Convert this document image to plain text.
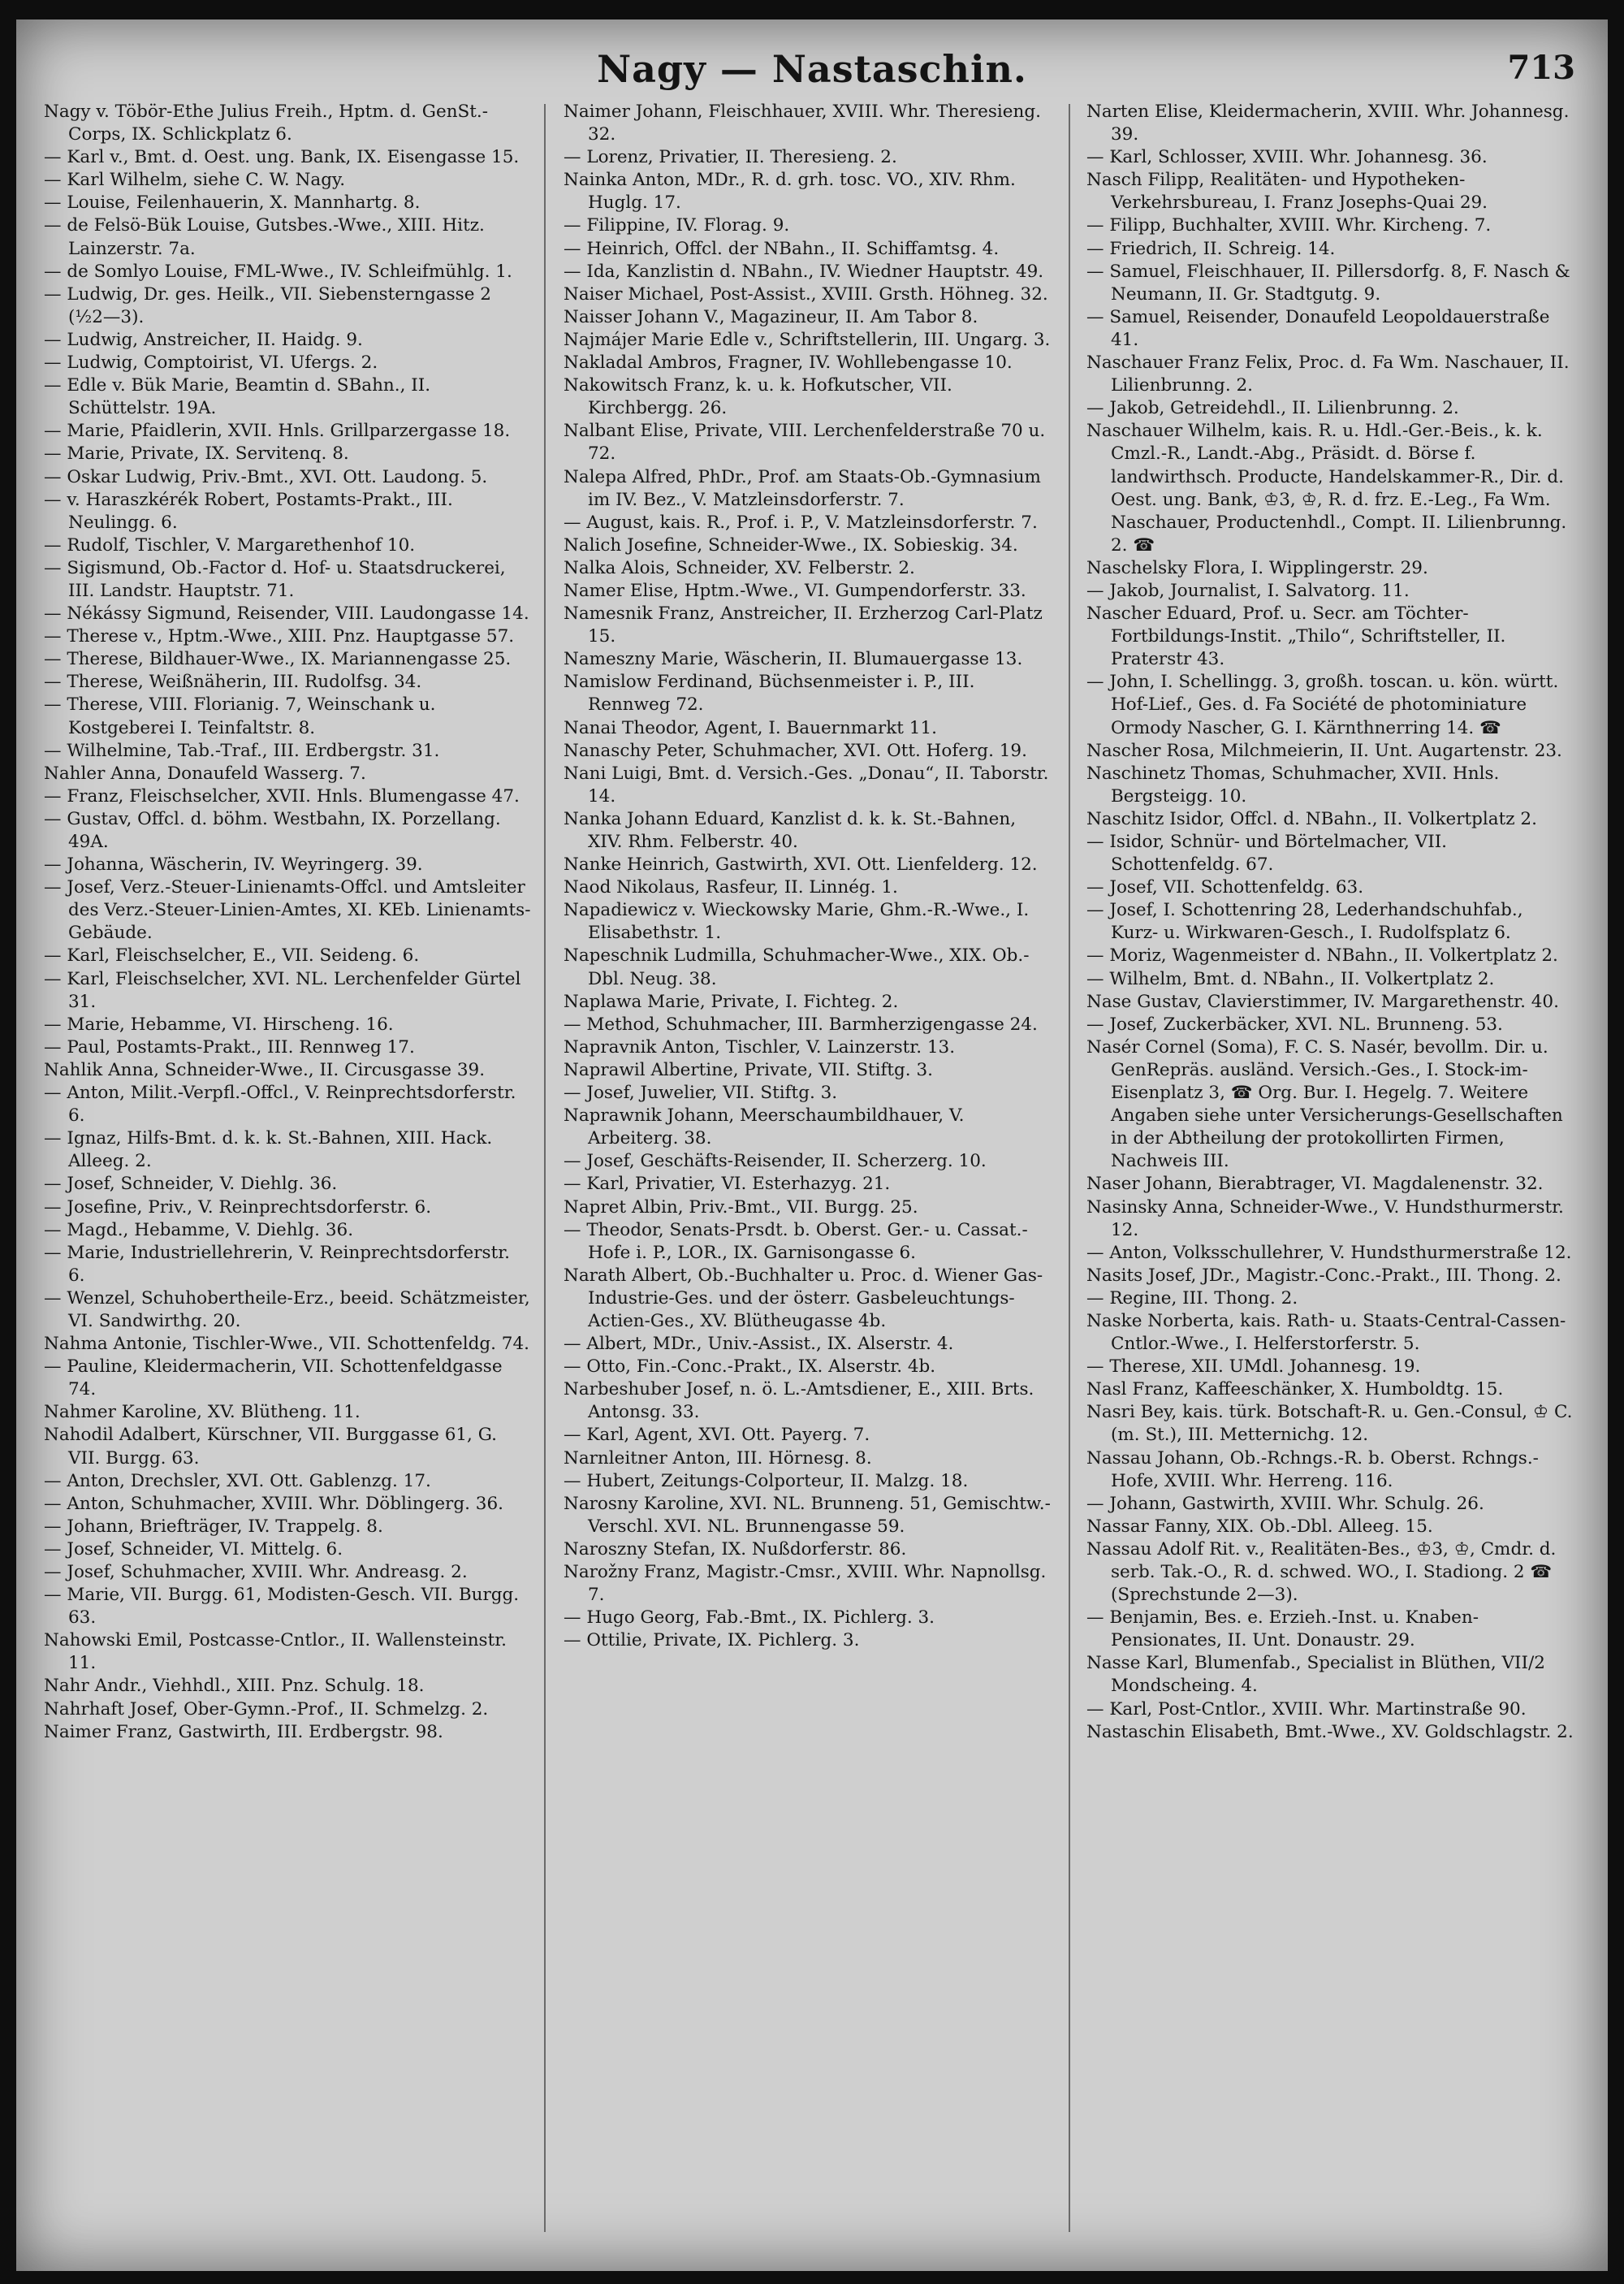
Nagy — Nastaschin.	713

Nagy v. Töbör-Ethe Julius Freih., Hptm. d. GenSt.-Corps, IX. Schlickplatz 6.

— Karl v., Bmt. d. Oest. ung. Bank, IX. Eisengasse 15.

— Karl Wilhelm, siehe C. W. Nagy.

— Louise, Feilenhauerin, X. Mannhartg. 8.

— de Felsö-Bük Louise, Gutsbes.-Wwe., XIII. Hitz. Lainzerstr. 7a.

— de Somlyo Louise, FML-Wwe., IV. Schleifmühlg. 1.

— Ludwig, Dr. ges. Heilk., VII. Siebensterngasse 2 (½2—3).

— Ludwig, Anstreicher, II. Haidg. 9.

— Ludwig, Comptoirist, VI. Ufergs. 2.

— Edle v. Bük Marie, Beamtin d. SBahn., II. Schüttelstr. 19A.

— Marie, Pfaidlerin, XVII. Hnls. Grillparzergasse 18.

— Marie, Private, IX. Servitenq. 8.

— Oskar Ludwig, Priv.-Bmt., XVI. Ott. Laudong. 5.

— v. Haraszkérék Robert, Postamts-Prakt., III. Neulingg. 6.

— Rudolf, Tischler, V. Margarethenhof 10.

— Sigismund, Ob.-Factor d. Hof- u. Staatsdruckerei, III. Landstr. Hauptstr. 71.

— Nékássy Sigmund, Reisender, VIII. Laudongasse 14.

— Therese v., Hptm.-Wwe., XIII. Pnz. Hauptgasse 57.

— Therese, Bildhauer-Wwe., IX. Mariannengasse 25.

— Therese, Weißnäherin, III. Rudolfsg. 34.

— Therese, VIII. Florianig. 7, Weinschank u. Kostgeberei I. Teinfaltstr. 8.

— Wilhelmine, Tab.-Traf., III. Erdbergstr. 31.

Nahler Anna, Donaufeld Wasserg. 7.

— Franz, Fleischselcher, XVII. Hnls. Blumengasse 47.

— Gustav, Offcl. d. böhm. Westbahn, IX. Porzellang. 49A.

— Johanna, Wäscherin, IV. Weyringerg. 39.

— Josef, Verz.-Steuer-Linienamts-Offcl. und Amtsleiter des Verz.-Steuer-Linien-Amtes, XI. KEb. Linienamts-Gebäude.

— Karl, Fleischselcher, E., VII. Seideng. 6.

— Karl, Fleischselcher, XVI. NL. Lerchenfelder Gürtel 31.

— Marie, Hebamme, VI. Hirscheng. 16.

— Paul, Postamts-Prakt., III. Rennweg 17.

Nahlik Anna, Schneider-Wwe., II. Circusgasse 39.

— Anton, Milit.-Verpfl.-Offcl., V. Reinprechtsdorferstr. 6.

— Ignaz, Hilfs-Bmt. d. k. k. St.-Bahnen, XIII. Hack. Alleeg. 2.

— Josef, Schneider, V. Diehlg. 36.

— Josefine, Priv., V. Reinprechtsdorferstr. 6.

— Magd., Hebamme, V. Diehlg. 36.

— Marie, Industriellehrerin, V. Reinprechtsdorferstr. 6.

— Wenzel, Schuhobertheile-Erz., beeid. Schätzmeister, VI. Sandwirthg. 20.

Nahma Antonie, Tischler-Wwe., VII. Schottenfeldg. 74.

— Pauline, Kleidermacherin, VII. Schottenfeldgasse 74.

Nahmer Karoline, XV. Blütheng. 11.

Nahodil Adalbert, Kürschner, VII. Burggasse 61, G. VII. Burgg. 63.

— Anton, Drechsler, XVI. Ott. Gablenzg. 17.

— Anton, Schuhmacher, XVIII. Whr. Döblingerg. 36.

— Johann, Briefträger, IV. Trappelg. 8.

— Josef, Schneider, VI. Mittelg. 6.

— Josef, Schuhmacher, XVIII. Whr. Andreasg. 2.

— Marie, VII. Burgg. 61, Modisten-Gesch. VII. Burgg. 63.

Nahowski Emil, Postcasse-Cntlor., II. Wallensteinstr. 11.

Nahr Andr., Viehhdl., XIII. Pnz. Schulg. 18.

Nahrhaft Josef, Ober-Gymn.-Prof., II. Schmelzg. 2.

Naimer Franz, Gastwirth, III. Erdbergstr. 98.

Naimer Johann, Fleischhauer, XVIII. Whr. Theresieng. 32.

— Lorenz, Privatier, II. Theresieng. 2.

Nainka Anton, MDr., R. d. grh. tosc. VO., XIV. Rhm. Huglg. 17.

— Filippine, IV. Florag. 9.

— Heinrich, Offcl. der NBahn., II. Schiffamtsg. 4.

— Ida, Kanzlistin d. NBahn., IV. Wiedner Hauptstr. 49.

Naiser Michael, Post-Assist., XVIII. Grsth. Höhneg. 32.

Naisser Johann V., Magazineur, II. Am Tabor 8.

Najmájer Marie Edle v., Schriftstellerin, III. Ungarg. 3.

Nakladal Ambros, Fragner, IV. Wohllebengasse 10.

Nakowitsch Franz, k. u. k. Hofkutscher, VII. Kirchbergg. 26.

Nalbant Elise, Private, VIII. Lerchenfelderstraße 70 u. 72.

Nalepa Alfred, PhDr., Prof. am Staats-Ob.-Gymnasium im IV. Bez., V. Matzleinsdorferstr. 7.

— August, kais. R., Prof. i. P., V. Matzleinsdorferstr. 7.

Nalich Josefine, Schneider-Wwe., IX. Sobieskig. 34.

Nalka Alois, Schneider, XV. Felberstr. 2.

Namer Elise, Hptm.-Wwe., VI. Gumpendorferstr. 33.

Namesnik Franz, Anstreicher, II. Erzherzog Carl-Platz 15.

Nameszny Marie, Wäscherin, II. Blumauergasse 13.

Namislow Ferdinand, Büchsenmeister i. P., III. Rennweg 72.

Nanai Theodor, Agent, I. Bauernmarkt 11.

Nanaschy Peter, Schuhmacher, XVI. Ott. Hoferg. 19.

Nani Luigi, Bmt. d. Versich.-Ges. „Donau“, II. Taborstr. 14.

Nanka Johann Eduard, Kanzlist d. k. k. St.-Bahnen, XIV. Rhm. Felberstr. 40.

Nanke Heinrich, Gastwirth, XVI. Ott. Lienfelderg. 12.

Naod Nikolaus, Rasfeur, II. Linnég. 1.

Napadiewicz v. Wieckowsky Marie, Ghm.-R.-Wwe., I. Elisabethstr. 1.

Napeschnik Ludmilla, Schuhmacher-Wwe., XIX. Ob.-Dbl. Neug. 38.

Naplawa Marie, Private, I. Fichteg. 2.

— Method, Schuhmacher, III. Barmherzigengasse 24.

Napravnik Anton, Tischler, V. Lainzerstr. 13.

Naprawil Albertine, Private, VII. Stiftg. 3.

— Josef, Juwelier, VII. Stiftg. 3.

Naprawnik Johann, Meerschaumbildhauer, V. Arbeiterg. 38.

— Josef, Geschäfts-Reisender, II. Scherzerg. 10.

— Karl, Privatier, VI. Esterhazyg. 21.

Napret Albin, Priv.-Bmt., VII. Burgg. 25.

— Theodor, Senats-Prsdt. b. Oberst. Ger.- u. Cassat.-Hofe i. P., LOR., IX. Garnisongasse 6.

Narath Albert, Ob.-Buchhalter u. Proc. d. Wiener Gas-Industrie-Ges. und der österr. Gasbeleuchtungs-Actien-Ges., XV. Blütheugasse 4b.

— Albert, MDr., Univ.-Assist., IX. Alserstr. 4.

— Otto, Fin.-Conc.-Prakt., IX. Alserstr. 4b.

Narbeshuber Josef, n. ö. L.-Amtsdiener, E., XIII. Brts. Antonsg. 33.

— Karl, Agent, XVI. Ott. Payerg. 7.

Narnleitner Anton, III. Hörnesg. 8.

— Hubert, Zeitungs-Colporteur, II. Malzg. 18.

Narosny Karoline, XVI. NL. Brunneng. 51, Gemischtw.-Verschl. XVI. NL. Brunnengasse 59.

Naroszny Stefan, IX. Nußdorferstr. 86.

Narožny Franz, Magistr.-Cmsr., XVIII. Whr. Napnollsg. 7.

— Hugo Georg, Fab.-Bmt., IX. Pichlerg. 3.

— Ottilie, Private, IX. Pichlerg. 3.

Narten Elise, Kleidermacherin, XVIII. Whr. Johannesg. 39.

— Karl, Schlosser, XVIII. Whr. Johannesg. 36.

Nasch Filipp, Realitäten- und Hypotheken-Verkehrsbureau, I. Franz Josephs-Quai 29.

— Filipp, Buchhalter, XVIII. Whr. Kircheng. 7.

— Friedrich, II. Schreig. 14.

— Samuel, Fleischhauer, II. Pillersdorfg. 8, F. Nasch & Neumann, II. Gr. Stadtgutg. 9.

— Samuel, Reisender, Donaufeld Leopoldauerstraße 41.

Naschauer Franz Felix, Proc. d. Fa Wm. Naschauer, II. Lilienbrunng. 2.

— Jakob, Getreidehdl., II. Lilienbrunng. 2.

Naschauer Wilhelm, kais. R. u. Hdl.-Ger.-Beis., k. k. Cmzl.-R., Landt.-Abg., Präsidt. d. Börse f. landwirthsch. Producte, Handelskammer-R., Dir. d. Oest. ung. Bank, ♔3, ♔, R. d. frz. E.-Leg., Fa Wm. Naschauer, Productenhdl., Compt. II. Lilienbrunng. 2. ☎

Naschelsky Flora, I. Wipplingerstr. 29.

— Jakob, Journalist, I. Salvatorg. 11.

Nascher Eduard, Prof. u. Secr. am Töchter-Fortbildungs-Instit. „Thilo“, Schriftsteller, II. Praterstr 43.

— John, I. Schellingg. 3, großh. toscan. u. kön. württ. Hof-Lief., Ges. d. Fa Société de photominiature Ormody Nascher, G. I. Kärnthnerring 14. ☎

Nascher Rosa, Milchmeierin, II. Unt. Augartenstr. 23.

Naschinetz Thomas, Schuhmacher, XVII. Hnls. Bergsteigg. 10.

Naschitz Isidor, Offcl. d. NBahn., II. Volkertplatz 2.

— Isidor, Schnür- und Börtelmacher, VII. Schottenfeldg. 67.

— Josef, VII. Schottenfeldg. 63.

— Josef, I. Schottenring 28, Lederhandschuhfab., Kurz- u. Wirkwaren-Gesch., I. Rudolfsplatz 6.

— Moriz, Wagenmeister d. NBahn., II. Volkertplatz 2.

— Wilhelm, Bmt. d. NBahn., II. Volkertplatz 2.

Nase Gustav, Clavierstimmer, IV. Margarethenstr. 40.

— Josef, Zuckerbäcker, XVI. NL. Brunneng. 53.

Nasér Cornel (Soma), F. C. S. Nasér, bevollm. Dir. u. GenRepräs. ausländ. Versich.-Ges., I. Stock-im-Eisenplatz 3, ☎ Org. Bur. I. Hegelg. 7. Weitere Angaben siehe unter Versicherungs-Gesellschaften in der Abtheilung der protokollirten Firmen, Nachweis III.

Naser Johann, Bierabtrager, VI. Magdalenenstr. 32.

Nasinsky Anna, Schneider-Wwe., V. Hundsthurmerstr. 12.

— Anton, Volksschullehrer, V. Hundsthurmerstraße 12.

Nasits Josef, JDr., Magistr.-Conc.-Prakt., III. Thong. 2.

— Regine, III. Thong. 2.

Naske Norberta, kais. Rath- u. Staats-Central-Cassen-Cntlor.-Wwe., I. Helferstorferstr. 5.

— Therese, XII. UMdl. Johannesg. 19.

Nasl Franz, Kaffeeschänker, X. Humboldtg. 15.

Nasri Bey, kais. türk. Botschaft-R. u. Gen.-Consul, ♔ C. (m. St.), III. Metternichg. 12.

Nassau Johann, Ob.-Rchngs.-R. b. Oberst. Rchngs.-Hofe, XVIII. Whr. Herreng. 116.

— Johann, Gastwirth, XVIII. Whr. Schulg. 26.

Nassar Fanny, XIX. Ob.-Dbl. Alleeg. 15.

Nassau Adolf Rit. v., Realitäten-Bes., ♔3, ♔, Cmdr. d. serb. Tak.-O., R. d. schwed. WO., I. Stadiong. 2 ☎ (Sprechstunde 2—3).

— Benjamin, Bes. e. Erzieh.-Inst. u. Knaben-Pensionates, II. Unt. Donaustr. 29.

Nasse Karl, Blumenfab., Specialist in Blüthen, VII/2 Mondscheing. 4.

— Karl, Post-Cntlor., XVIII. Whr. Martinstraße 90.

Nastaschin Elisabeth, Bmt.-Wwe., XV. Goldschlagstr. 2.
